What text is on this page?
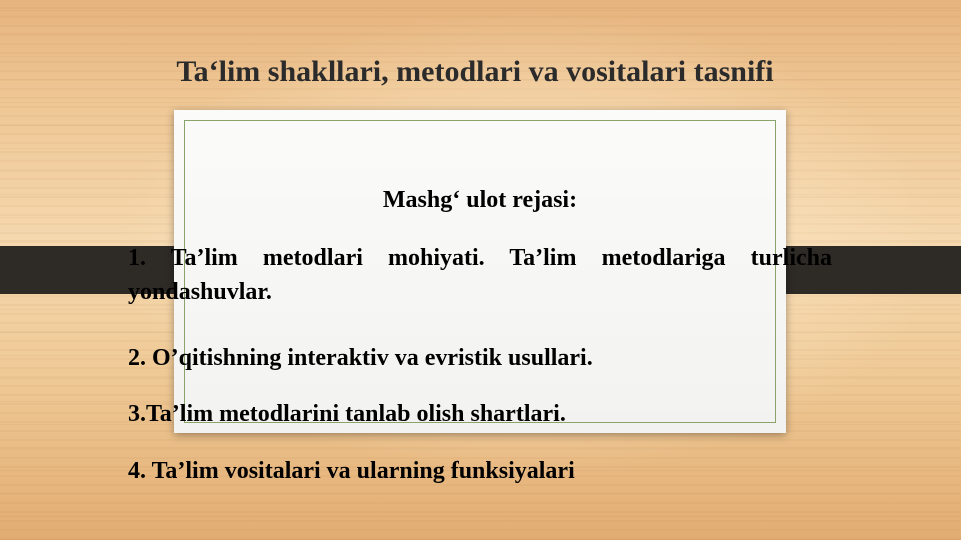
Ta‘lim shakllari, metodlari va vositalari tasnifi
Mashg‘ ulot rejasi:
1. Ta’lim metodlari mohiyati. Ta’lim metodlariga turlicha yondashuvlar.
2. O’qitishning interaktiv va evristik usullari.
3.Ta’lim metodlarini tanlab olish shartlari.
4. Ta’lim vositalari va ularning funksiyalari
